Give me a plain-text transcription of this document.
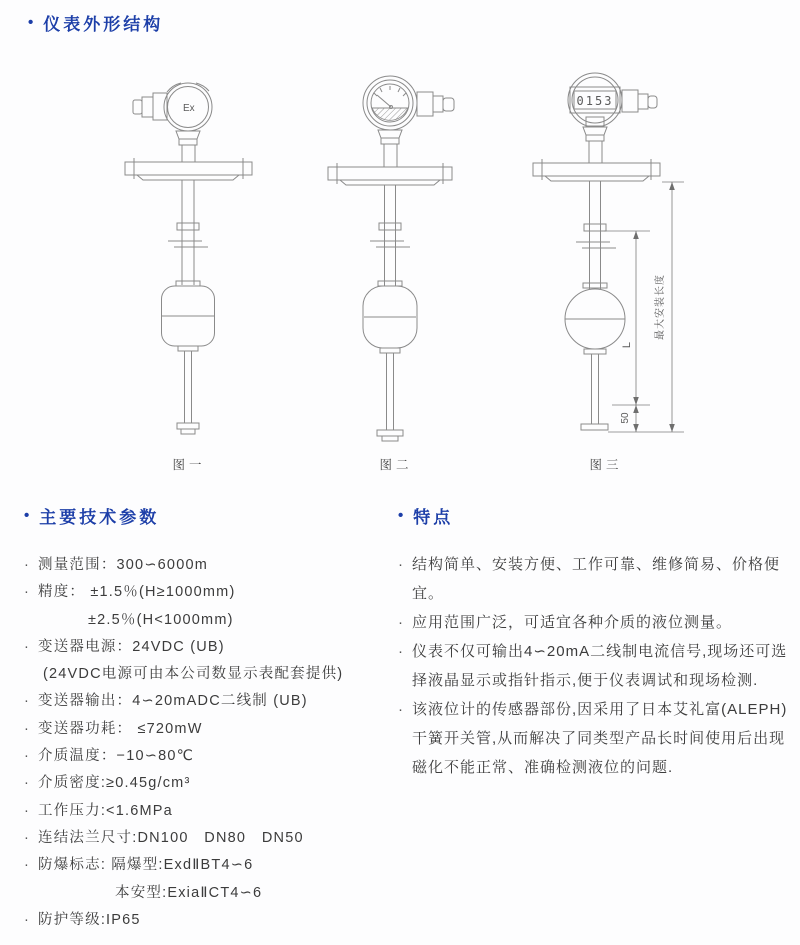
• 仪表外形结构
Ex
0153
L
50
最大安装长度
图一	图二	图三
• 主要技术参数
· 测量范围：300∽6000m
· 精度： ±1.5％(H≥1000mm)
±2.5％(H<1000mm)
· 变送器电源：24VDC (UB)
(24VDC电源可由本公司数显示表配套提供)
· 变送器输出：4∽20mADC二线制 (UB)
· 变送器功耗： ≤720mW
· 介质温度：−10∽80℃
· 介质密度:≥0.45g/cm³
· 工作压力:<1.6MPa
· 连结法兰尺寸:DN100　DN80　DN50
· 防爆标志: 隔爆型:ExdⅡBT4∽6
本安型:ExiaⅡCT4∽6
· 防护等级:IP65
• 特点
· 结构简单、安装方便、工作可靠、维修简易、价格便宜。

· 应用范围广泛，可适宜各种介质的液位测量。

· 仪表不仅可输出4∽20mA二线制电流信号,现场还可选择液晶显示或指针指示,便于仪表调试和现场检测.

· 该液位计的传感器部份,因采用了日本艾礼富(ALEPH)干簧开关管,从而解决了同类型产品长时间使用后出现磁化不能正常、准确检测液位的问题.
